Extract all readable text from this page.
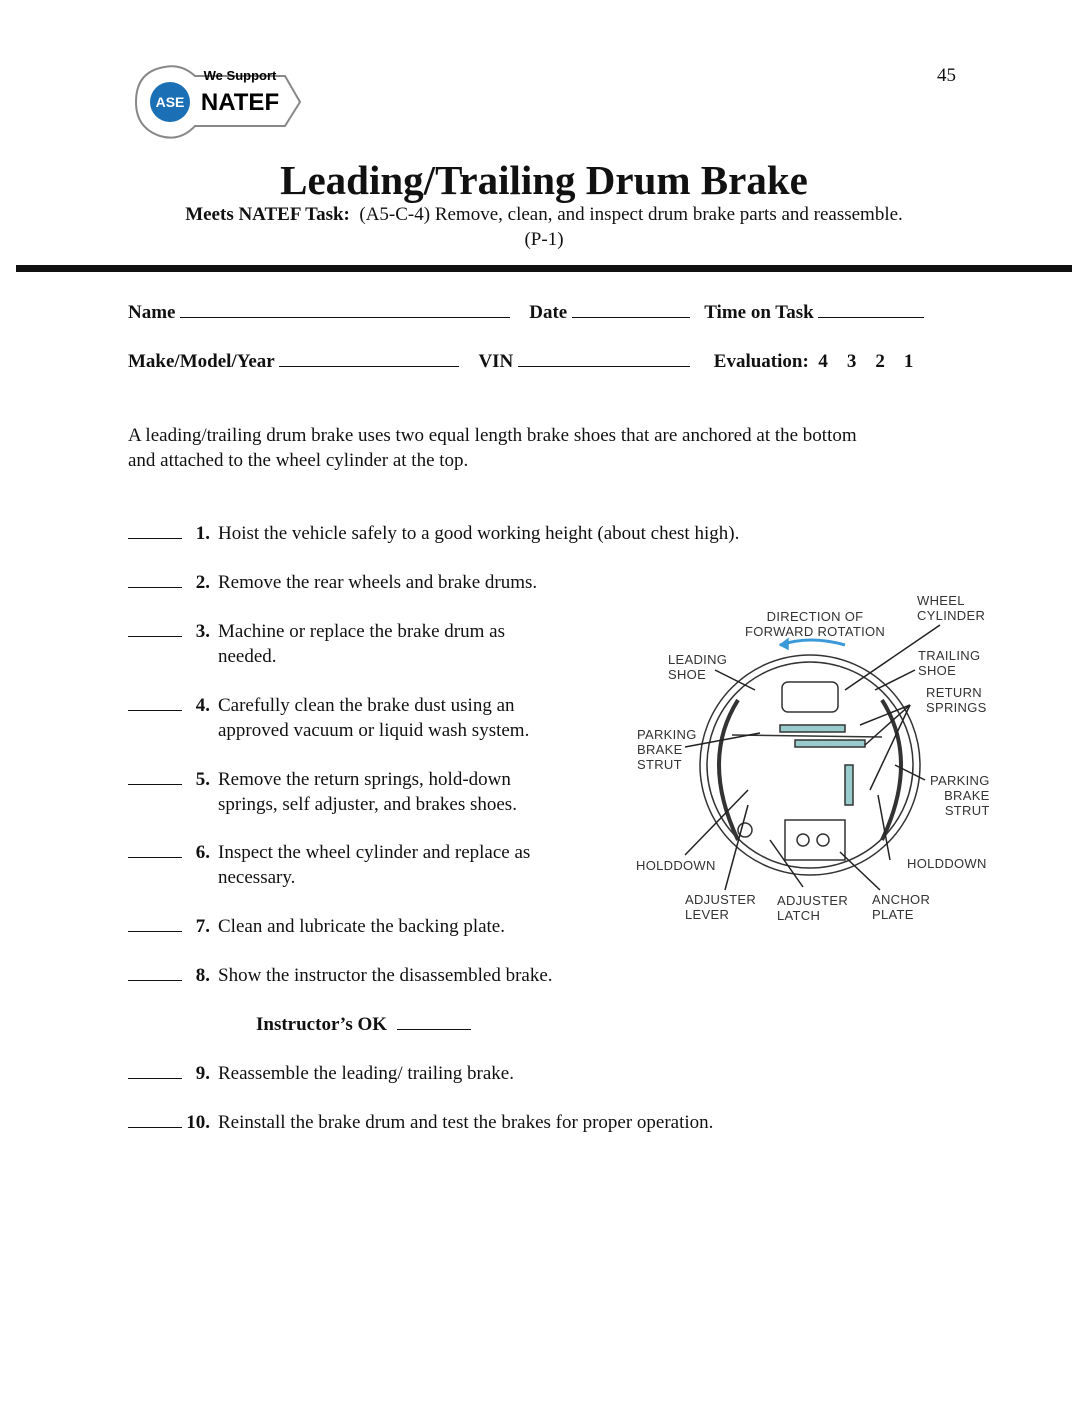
45
ASE
We Support
NATEF
Leading/Trailing Drum Brake
Meets NATEF Task: (A5-C-4) Remove, clean, and inspect drum brake parts and reassemble.
(P-1)
Name	Date	Time on Task
Make/Model/Year	VIN	Evaluation: 4 3 2 1
A leading/trailing drum brake uses two equal length brake shoes that are anchored at the bottom
and attached to the wheel cylinder at the top.
1. Hoist the vehicle safely to a good working height (about chest high).
2. Remove the rear wheels and brake drums.
3. Machine or replace the brake drum as
needed.
4. Carefully clean the brake dust using an
approved vacuum or liquid wash system.
5. Remove the return springs, hold-down
springs, self adjuster, and brakes shoes.
6. Inspect the wheel cylinder and replace as
necessary.
7. Clean and lubricate the backing plate.
8. Show the instructor the disassembled brake.
9. Reassemble the leading/ trailing brake.
10. Reinstall the brake drum and test the brakes for proper operation.
Instructor’s OK
WHEEL
CYLINDER
DIRECTION OF
FORWARD ROTATION
LEADING
SHOE
TRAILING
SHOE
RETURN
SPRINGS
PARKING
BRAKE
STRUT
PARKING
BRAKE
STRUT
HOLDDOWN	HOLDDOWN
ADJUSTER
LEVER
ADJUSTER
LATCH
ANCHOR
PLATE
